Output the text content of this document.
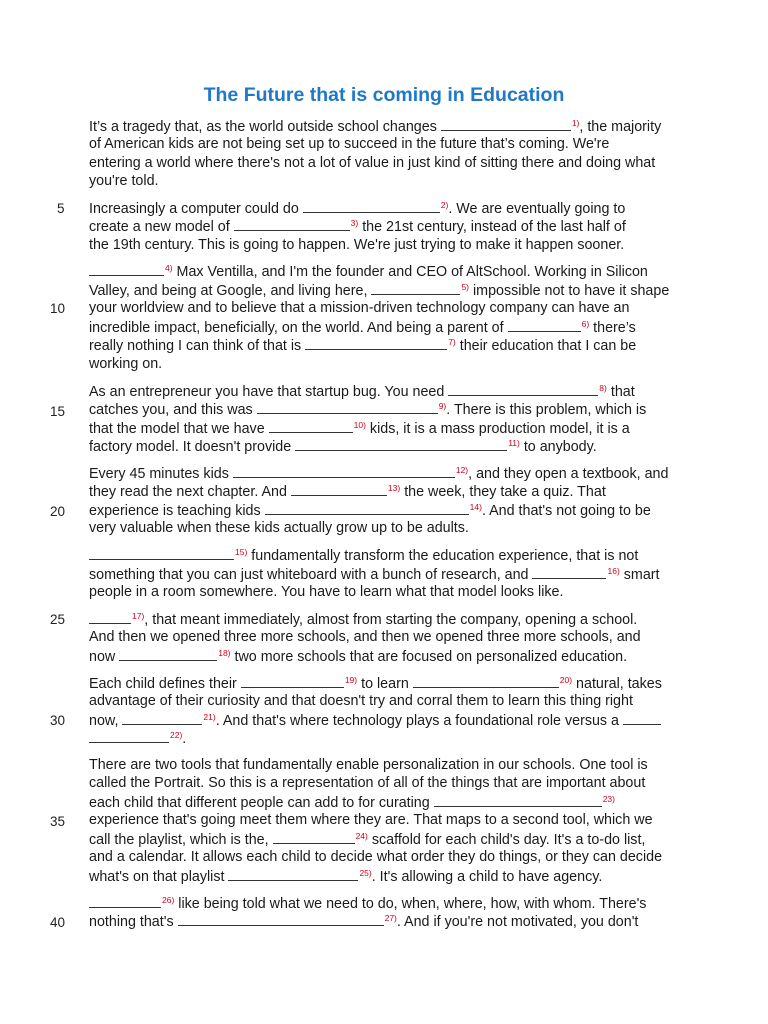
The Future that is coming in Education
5
10
15
20
25
30
35
40
It’s a tragedy that, as the world outside school changes	$^{1)}$, the majority
of American kids are not being set up to succeed in the future that’s coming. We're
entering a world where there's not a lot of value in just kind of sitting there and doing what
you're told.
Increasingly a computer could do	$^{2)}$. We are eventually going to
create a new model of	$^{3)}$ the 21st century, instead of the last half of
the 19th century. This is going to happen. We're just trying to make it happen sooner.
$^{4)}$ Max Ventilla, and I'm the founder and CEO of AltSchool. Working in Silicon
Valley, and being at Google, and living here,	$^{5)}$ impossible not to have it shape
your worldview and to believe that a mission-driven technology company can have an
incredible impact, beneficially, on the world. And being a parent of	$^{6)}$ there’s
really nothing I can think of that is	$^{7)}$ their education that I can be
working on.
As an entrepreneur you have that startup bug. You need	$^{8)}$ that
catches you, and this was	$^{9)}$. There is this problem, which is
that the model that we have	$^{10)}$ kids, it is a mass production model, it is a
factory model. It doesn't provide	$^{11)}$ to anybody.
Every 45 minutes kids	$^{12)}$, and they open a textbook, and
they read the next chapter. And	$^{13)}$ the week, they take a quiz. That
experience is teaching kids	$^{14)}$. And that's not going to be
very valuable when these kids actually grow up to be adults.
$^{15)}$ fundamentally transform the education experience, that is not
something that you can just whiteboard with a bunch of research, and	$^{16)}$ smart
people in a room somewhere. You have to learn what that model looks like.
$^{17)}$, that meant immediately, almost from starting the company, opening a school.
And then we opened three more schools, and then we opened three more schools, and
now	$^{18)}$ two more schools that are focused on personalized education.
Each child defines their	$^{19)}$ to learn	$^{20)}$ natural, takes
advantage of their curiosity and that doesn't try and corral them to learn this thing right
now,	$^{21)}$. And that's where technology plays a foundational role versus a
$^{22)}$.
There are two tools that fundamentally enable personalization in our schools. One tool is
called the Portrait. So this is a representation of all of the things that are important about
each child that different people can add to for curating	$^{23)}$
experience that's going meet them where they are. That maps to a second tool, which we
call the playlist, which is the,	$^{24)}$ scaffold for each child's day. It's a to-do list,
and a calendar. It allows each child to decide what order they do things, or they can decide
what's on that playlist	$^{25)}$. It's allowing a child to have agency.
$^{26)}$ like being told what we need to do, when, where, how, with whom. There's
nothing that's	$^{27)}$. And if you're not motivated, you don't
